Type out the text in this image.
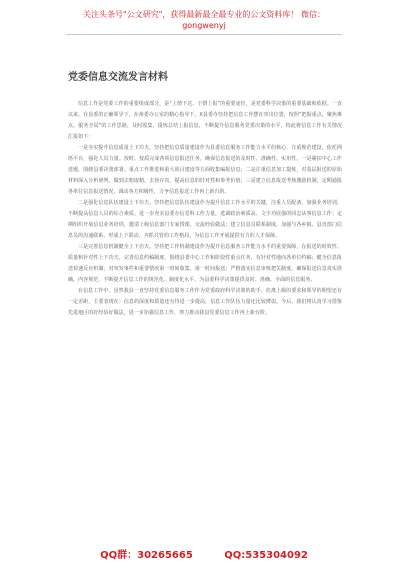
关注头条号"公文研究"，获得最新最全最专业的公文资料库！ 微信：gongwenyj
党委信息交流发言材料

信息工作是党委工作的重要组成部分，是“上情下达、下情上报”的重要途径，是党委科学决策的重要基础和依据。一直以来，在县委的正确领导下，在州委办公室的精心指导下，X县委办坚持把信息工作摆在突出位置，按照“把握重点、聚焦难点、服务全局”的工作思路，及时收集、提炼总结上报信息，不断提升信息服务党委决策的水平，特此将信息工作有关情况汇报如下：

一是夯实提升信息质量上下功夫。坚持把信息质量建设作为县委信息服务工作能力水平的核心，注重规范建设，依托网络平台，强化人员力量。按时、按质完成各项信息报送任务，确保信息报送的及时性、准确性、实用性。一是紧扣中心工作选题，围绕县委决策部署、重点工作推进和重大项目建设等方面收集编报信息；二是注重信息加工提炼，对基层报送的原始材料深入分析研判，做到去粗取精、去伪存真，提高信息的针对性和参考价值；三是建立信息报送考核激励机制，定期通报各单位信息报送情况，调动各方积极性，力争信息报送工作再上新台阶。

二是强化信息队伍建设上下功夫。坚持把信息队伍建设作为提升信息工作水平的关键，注重人员配备，加强业务培训，不断提高信息人员的综合素质。进一步充实县委办信息科工作力量，选调政治素质高、文字功底强的同志从事信息工作；定期组织开展信息业务培训，邀请上级信息部门专家授课，交流经验做法；建立信息员联系制度，加强与各乡镇、县直部门信息员的沟通联系，形成上下联动、齐抓共管的工作格局，为信息工作开展提供有力的人才保障。

三是完善信息机制健全上下功夫。坚持把工作机制建设作为提升信息服务工作能力水平的重要保障，在报送的时效性、质量和针对性上下功夫。完善信息约稿制度，围绕县委中心工作和阶段性重点任务，有针对性地向各单位约稿；健全信息报送快速反应机制，对突发事件和重要情况第一时间收集、第一时间报送；严格落实信息审核把关制度，确保报送信息真实准确、内容规范，不断提升信息工作的规范化、制度化水平，为县委科学决策提供及时、准确、全面的信息服务。

在信息工作中，虽然我县一直坚持党委信息服务工作作为党委政府科学决策的助手，但离上级的要求和领导的期望还有一定差距，主要表现在：信息的深度和质量还有待进一步提高，信息工作队伍力量还比较薄弱。今后，我们将认真学习借鉴先进地区的好经验好做法，进一步加强信息工作，努力推动我县党委信息工作再上新台阶。

QQ群：30265665	QQ:535304092
